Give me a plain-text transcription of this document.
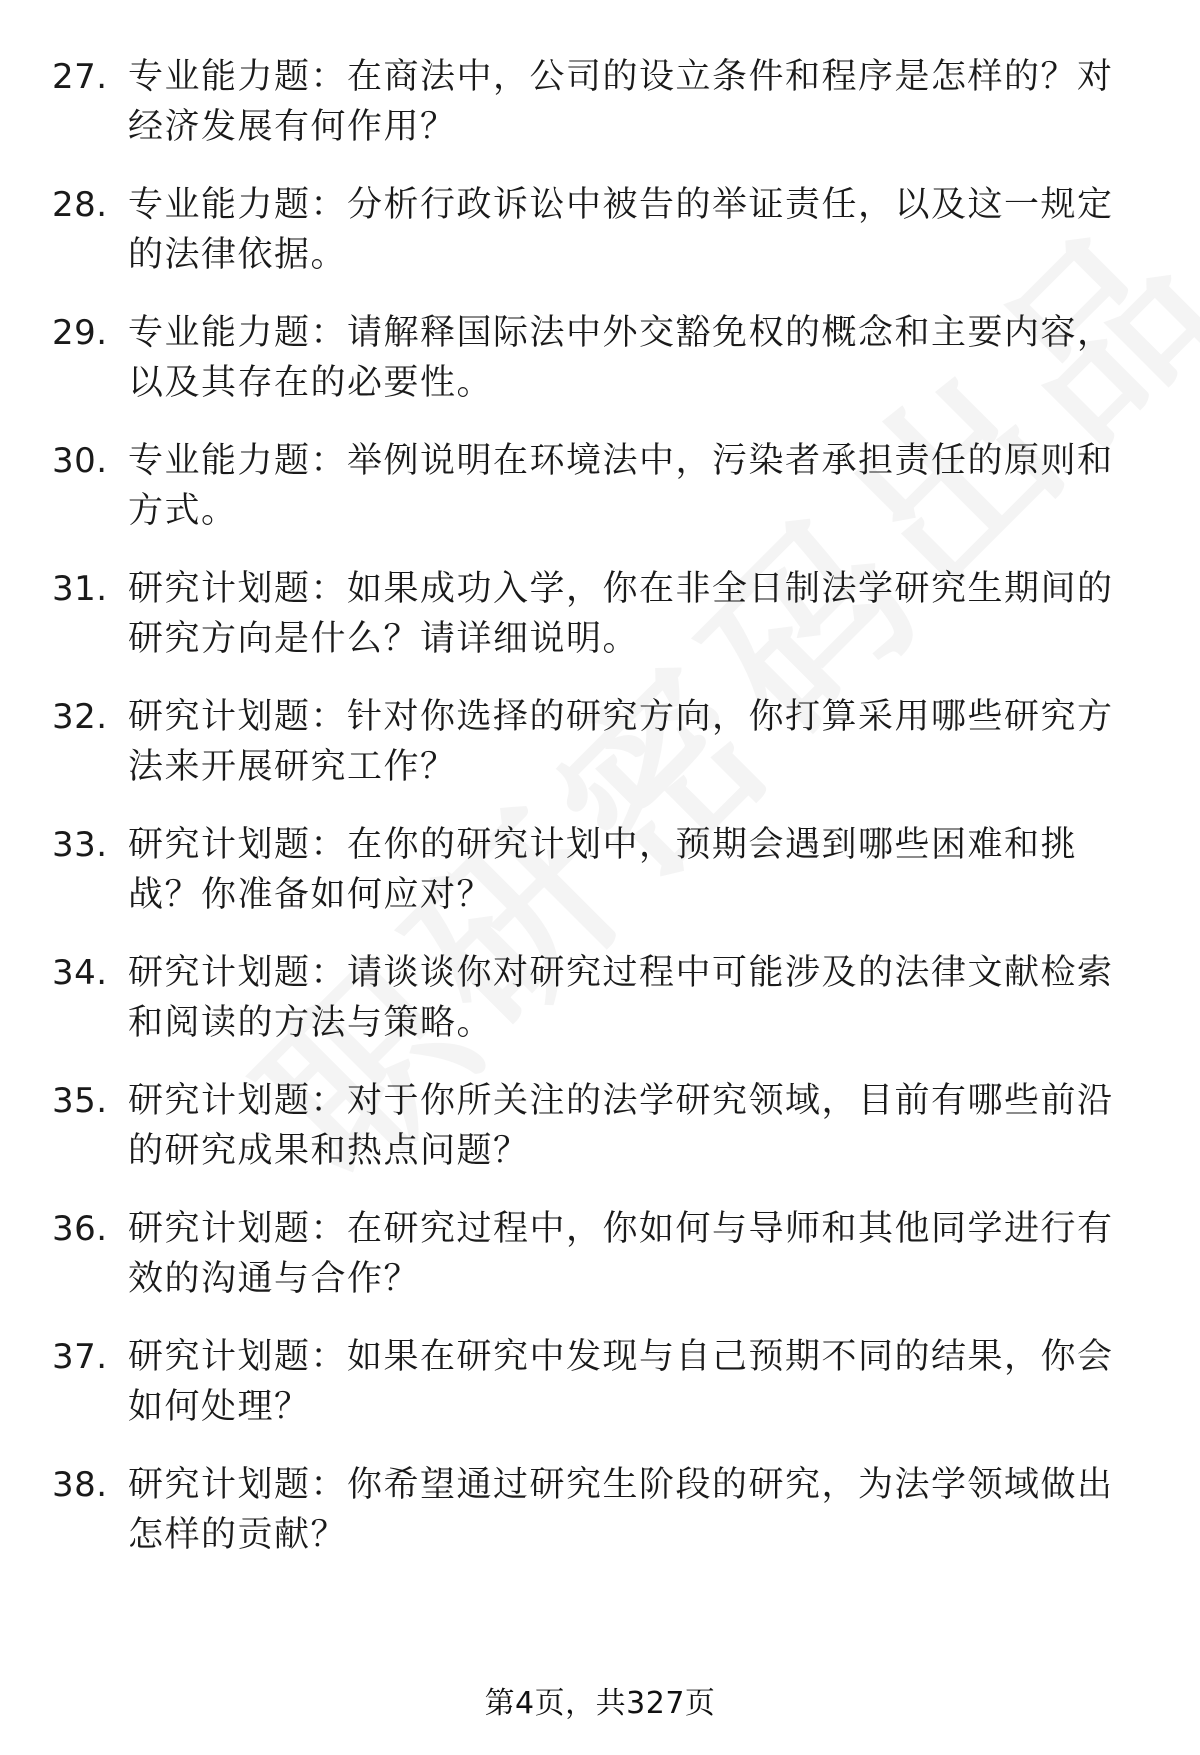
27. 专业能力题：在商法中，公司的设立条件和程序是怎样的？对经济发展有何作用？
28. 专业能力题：分析行政诉讼中被告的举证责任，以及这一规定的法律依据。
29. 专业能力题：请解释国际法中外交豁免权的概念和主要内容，以及其存在的必要性。
30. 专业能力题：举例说明在环境法中，污染者承担责任的原则和方式。
31. 研究计划题：如果成功入学，你在非全日制法学研究生期间的研究方向是什么？请详细说明。
32. 研究计划题：针对你选择的研究方向，你打算采用哪些研究方法来开展研究工作？
33. 研究计划题：在你的研究计划中，预期会遇到哪些困难和挑战？你准备如何应对？
34. 研究计划题：请谈谈你对研究过程中可能涉及的法律文献检索和阅读的方法与策略。
35. 研究计划题：对于你所关注的法学研究领域，目前有哪些前沿的研究成果和热点问题？
36. 研究计划题：在研究过程中，你如何与导师和其他同学进行有效的沟通与合作？
37. 研究计划题：如果在研究中发现与自己预期不同的结果，你会如何处理？
38. 研究计划题：你希望通过研究生阶段的研究，为法学领域做出怎样的贡献？
第4页，共327页
